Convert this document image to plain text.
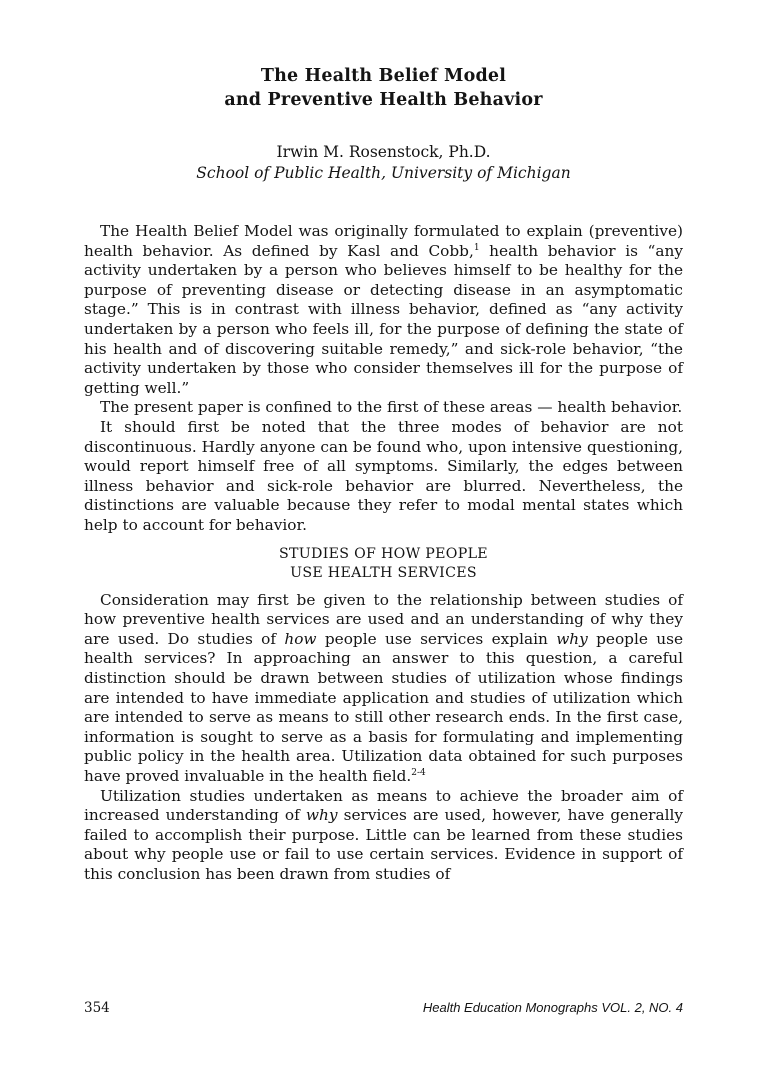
The Health Belief Model
and Preventive Health Behavior
Irwin M. Rosenstock, Ph.D.
School of Public Health, University of Michigan

The Health Belief Model was originally formulated to explain (preventive) health behavior. As defined by Kasl and Cobb,$^1$ health behavior is “any activity undertaken by a person who believes himself to be healthy for the purpose of preventing disease or detecting disease in an asymptomatic stage.” This is in contrast with illness behavior, defined as “any activity undertaken by a person who feels ill, for the purpose of defining the state of his health and of discovering suitable remedy,” and sick-role behavior, “the activity undertaken by those who consider themselves ill for the purpose of getting well.”

The present paper is confined to the first of these areas — health behavior.

It should first be noted that the three modes of behavior are not discontinuous. Hardly anyone can be found who, upon intensive questioning, would report himself free of all symptoms. Similarly, the edges between illness behavior and sick-role behavior are blurred. Nevertheless, the distinctions are valuable because they refer to modal mental states which help to account for behavior.

STUDIES OF HOW PEOPLE
USE HEALTH SERVICES

Consideration may first be given to the relationship between studies of how preventive health services are used and an understanding of why they are used. Do studies of how people use services explain why people use health services? In approaching an answer to this question, a careful distinction should be drawn between studies of utilization whose findings are intended to have immediate application and studies of utilization which are intended to serve as means to still other research ends. In the first case, information is sought to serve as a basis for formulating and implementing public policy in the health area. Utilization data obtained for such purposes have proved invaluable in the health field.$^{2-4}$

Utilization studies undertaken as means to achieve the broader aim of increased understanding of why services are used, however, have generally failed to accomplish their purpose. Little can be learned from these studies about why people use or fail to use certain services. Evidence in support of this conclusion has been drawn from studies of

354	Health Education Monographs VOL. 2, NO. 4
